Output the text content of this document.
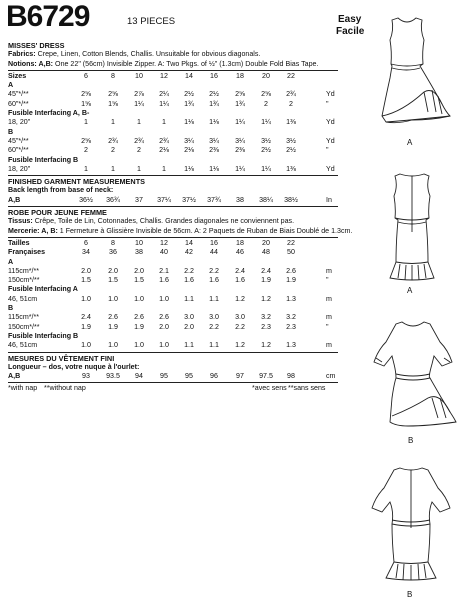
B6729	13 PIECES	Easy
Facile
MISSES' DRESS
Fabrics: Crepe, Linen, Cotton Blends, Challis. Unsuitable for obvious diagonals.
Notions: A,B: One 22" (56cm) Invisible Zipper. A: Two Pkgs. of ½" (1.3cm) Double Fold Bias Tape.
Sizes	6	8	10	12	14	16	18	20	22
A
45"*/**	2⅝	2⅝	2⅞	2¼	2½	2½	2⅝	2⅝	2¾	Yd
60"*/**	1⅝	1⅝	1¼	1¼	1¾	1¾	1¾	2	2	"
Fusible Interfacing A, B-
18, 20"	1	1	1	1	1⅛	1⅛	1¼	1¼	1⅜	Yd
B
45"*/**	2⅝	2¾	2¾	2¾	3¼	3¼	3¼	3½	3½	Yd
60"*/**	2	2	2	2⅛	2⅛	2⅜	2⅜	2½	2½	"
Fusible Interfacing B
18, 20"	1	1	1	1	1⅛	1⅛	1¼	1¼	1⅜	Yd
FINISHED GARMENT MEASUREMENTS
Back length from base of neck:
A,B	36½	36¾	37	37¼	37½	37¾	38	38¼	38½	In
ROBE POUR JEUNE FEMME
Tissus: Crêpe, Toile de Lin, Cotonnades, Challis. Grandes diagonales ne conviennent pas.
Mercerie: A, B: 1 Fermeture à Glissière Invisible de 56cm. A: 2 Paquets de Ruban de Biais Doublé de 1.3cm.
Tailles	6	8	10	12	14	16	18	20	22
Françaises	34	36	38	40	42	44	46	48	50
A
115cm*/**	2.0	2.0	2.0	2.1	2.2	2.2	2.4	2.4	2.6	m
150cm*/**	1.5	1.5	1.5	1.6	1.6	1.6	1.6	1.9	1.9	"
Fusible Interfacing A
46, 51cm	1.0	1.0	1.0	1.0	1.1	1.1	1.2	1.2	1.3	m
B
115cm*/**	2.4	2.6	2.6	2.6	3.0	3.0	3.0	3.2	3.2	m
150cm*/**	1.9	1.9	1.9	2.0	2.0	2.2	2.2	2.3	2.3	"
Fusible Interfacing B
46, 51cm	1.0	1.0	1.0	1.0	1.1	1.1	1.2	1.2	1.3	m
MESURES DU VÊTEMENT FINI
Longueur – dos, votre nuque à l'ourlet:
A,B	93	93.5	94	95	95	96	97	97.5	98	cm
*with nap **without nap	*avec sens **sans sens
A
A
B
B
